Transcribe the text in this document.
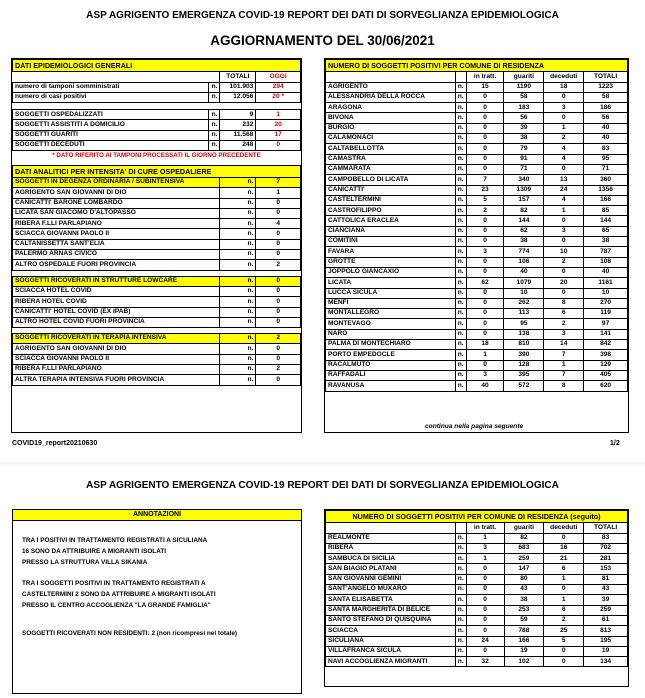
ASP AGRIGENTO EMERGENZA COVID-19 REPORT DEI DATI DI SORVEGLIANZA EPIDEMIOLOGICA
AGGIORNAMENTO DEL 30/06/2021
DATI EPIDEMIOLOGICI GENERALI			
		TOTALI	OGGI
numero di tamponi somministrati	n.	101.903	294
numero di casi positivi	n.	12.056	20 *

SOGGETTI OSPEDALIZZATI	n.	9	1
SOGGETTI ASSISTITI A DOMICILIO	n.	232	20
SOGGETTI GUARITI	n.	11.568	17
SOGGETTI DECEDUTI	n.	248	0
* DATO RIFERITO AI TAMPONI PROCESSATI IL GIORNO PRECEDENTE			

DATI ANALITICI PER INTENSITA' DI CURE OSPEDALIERE			
SOGGETTI IN DEGENZA ORDINARIA / SUBINTENSIVA		n.	7
AGRIGENTO SAN GIOVANNI DI DIO		n.	1
CANICATTI' BARONE LOMBARDO		n.	0
LICATA SAN GIACOMO D'ALTOPASSO		n.	0
RIBERA F.LLI PARLAPIANO		n.	4
SCIACCA GIOVANNI PAOLO II		n.	0
CALTANISSETTA SANT'ELIA		n.	0
PALERMO ARNAS CIVICO		n.	0
ALTRO OSPEDALE FUORI PROVINCIA		n.	2

SOGGETTI RICOVERATI IN STRUTTURE LOWCARE		n.	0
SCIACCA HOTEL COVID		n.	0
RIBERA HOTEL COVID		n.	0
CANICATTI' HOTEL COVID (EX IPAB)		n.	0
ALTRO HOTEL COVID FUORI PROVINCIA		n.	0

SOGGETTI RICOVERATI IN TERAPIA INTENSIVA		n.	2
AGRIGENTO SAN GIOVANNI DI DIO		n.	0
SCIACCA GIOVANNI PAOLO II		n.	0
RIBERA F.LLI PARLAPIANO		n.	2
ALTRA TERAPIA INTENSIVA FUORI PROVINCIA		n.	0
NUMERO DI SOGGETTI POSITIVI PER COMUNE DI RESIDENZA					
		in tratt.	guariti	deceduti	TOTALI
AGRIGENTO	n.	15	1190	18	1223
ALESSANDRIA DELLA ROCCA	n.	0	58	0	58
ARAGONA	n.	0	183	3	186
BIVONA	n.	0	56	0	56
BURGIO	n.	0	39	1	40
CALAMONACI	n.	0	38	2	40
CALTABELLOTTA	n.	0	79	4	83
CAMASTRA	n.	0	91	4	95
CAMMARATA	n.	0	71	0	71
CAMPOBELLO DI LICATA	n.	7	340	13	360
CANICATTI'	n.	23	1309	24	1356
CASTELTERMINI	n.	5	157	4	166
CASTROFILIPPO	n.	2	82	1	85
CATTOLICA ERACLEA	n.	0	144	0	144
CIANCIANA	n.	0	62	3	65
COMITINI	n.	0	38	0	38
FAVARA	n.	3	774	10	787
GROTTE	n.	0	106	2	108
JOPPOLO GIANCAXIO	n.	0	40	0	40
LICATA	n.	62	1079	20	1161
LUCCA SICULA	n.	0	10	0	10
MENFI	n.	0	262	8	270
MONTALLEGRO	n.	0	113	6	119
MONTEVAGO	n.	0	95	2	97
NARO	n.	0	138	3	141
PALMA DI MONTECHIARO	n.	18	810	14	842
PORTO EMPEDOCLE	n.	1	390	7	398
RACALMUTO	n.	0	128	1	129
RAFFADALI	n.	3	395	7	405
RAVANUSA	n.	40	572	8	620
continua nella pagina seguente
COVID19_report20210630	1/2
ASP AGRIGENTO EMERGENZA COVID-19 REPORT DEI DATI DI SORVEGLIANZA EPIDEMIOLOGICA
ANNOTAZIONI
TRA I POSITIVI IN TRATTAMENTO REGISTRATI A SICULIANA
16 SONO DA ATTRIBUIRE A MIGRANTI ISOLATI
PRESSO LA STRUTTURA VILLA SIKANIA
TRA I SOGGETTI POSITIVI IN TRATTAMENTO REGISTRATI A
CASTELTERMINI 2 SONO DA ATTRIBUIRE A MIGRANTI ISOLATI
PRESSO IL CENTRO ACCOGLIENZA "LA GRANDE FAMIGLIA"
SOGGETTI RICOVERATI NON RESIDENTI: 2 (non ricompresi nel totale)
NUMERO DI SOGGETTI POSITIVI PER COMUNE DI RESIDENZA (seguito)					
		in tratt.	guariti	deceduti	TOTALI
REALMONTE	n.	1	82	0	83
RIBERA	n.	3	683	16	702
SAMBUCA DI SICILIA	n.	1	259	21	281
SAN BIAGIO PLATANI	n.	0	147	6	153
SAN GIOVANNI GEMINI	n.	0	80	1	81
SANT'ANGELO MUXARO	n.	0	43	0	43
SANTA ELISABETTA	n.	0	38	1	39
SANTA MARGHERITA DI BELICE	n.	0	253	6	259
SANTO STEFANO DI QUISQUINA	n.	0	59	2	61
SCIACCA	n.	0	788	25	813
SICULIANA	n.	24	166	5	195
VILLAFRANCA SICULA	n.	0	19	0	19
NAVI ACCOGLIENZA MIGRANTI	n.	32	102	0	134
